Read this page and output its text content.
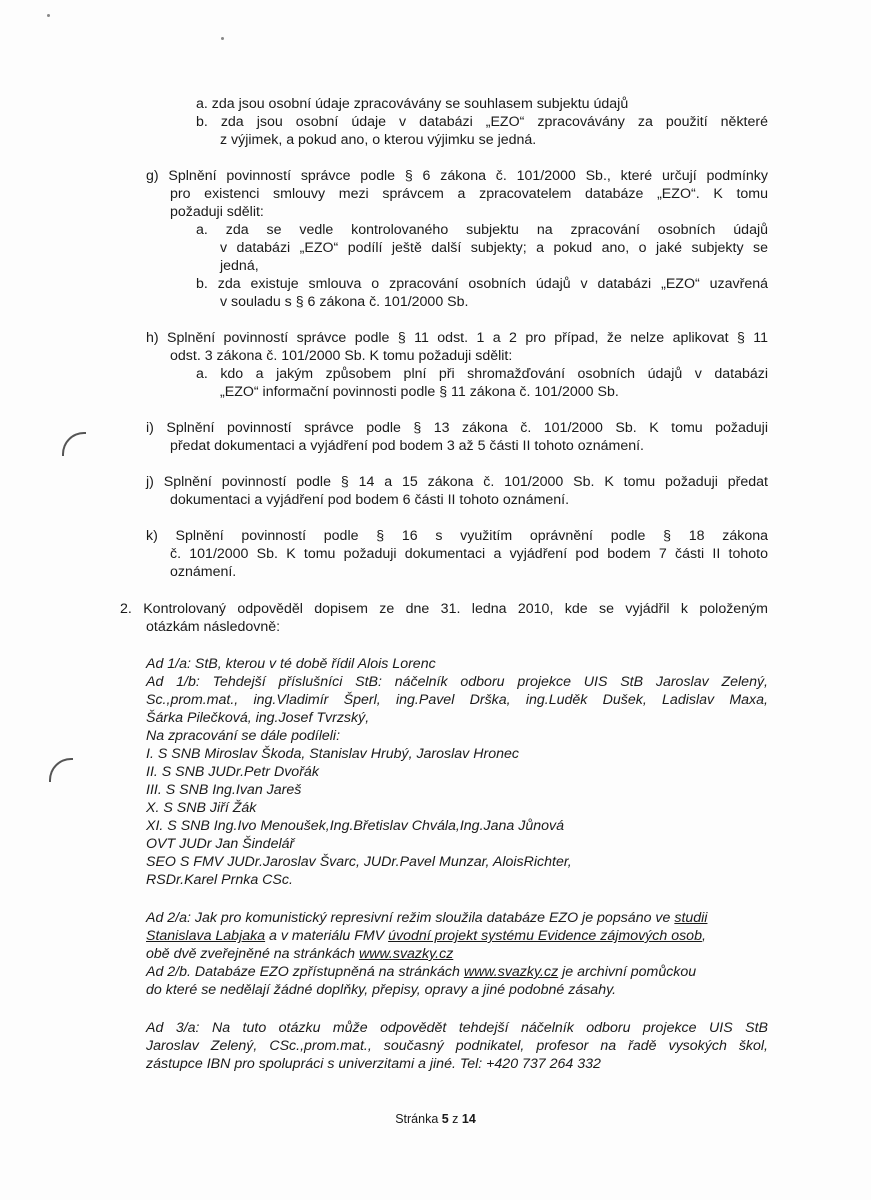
a. zda jsou osobní údaje zpracovávány se souhlasem subjektu údajů
b. zda jsou osobní údaje v databázi „EZO“ zpracovávány za použití některé
z výjimek, a pokud ano, o kterou výjimku se jedná.
g) Splnění povinností správce podle § 6 zákona č. 101/2000 Sb., které určují podmínky
pro existenci smlouvy mezi správcem a zpracovatelem databáze „EZO“. K tomu
požaduji sdělit:
a. zda se vedle kontrolovaného subjektu na zpracování osobních údajů
v databázi „EZO“ podílí ještě další subjekty; a pokud ano, o jaké subjekty se
jedná,
b. zda existuje smlouva o zpracování osobních údajů v databázi „EZO“ uzavřená
v souladu s § 6 zákona č. 101/2000 Sb.
h) Splnění povinností správce podle § 11 odst. 1 a 2 pro případ, že nelze aplikovat § 11
odst. 3 zákona č. 101/2000 Sb. K tomu požaduji sdělit:
a. kdo a jakým způsobem plní při shromažďování osobních údajů v databázi
„EZO“ informační povinnosti podle § 11 zákona č. 101/2000 Sb.
i) Splnění povinností správce podle § 13 zákona č. 101/2000 Sb. K tomu požaduji
předat dokumentaci a vyjádření pod bodem 3 až 5 části II tohoto oznámení.
j) Splnění povinností podle § 14 a 15 zákona č. 101/2000 Sb. K tomu požaduji předat
dokumentaci a vyjádření pod bodem 6 části II tohoto oznámení.
k) Splnění povinností podle § 16 s využitím oprávnění podle § 18 zákona
č. 101/2000 Sb. K tomu požaduji dokumentaci a vyjádření pod bodem 7 části II tohoto
oznámení.
2. Kontrolovaný odpověděl dopisem ze dne 31. ledna 2010, kde se vyjádřil k položeným
otázkám následovně:
Ad 1/a: StB, kterou v té době řídil Alois Lorenc
Ad 1/b: Tehdejší příslušníci StB: náčelník odboru projekce UIS StB Jaroslav Zelený,
Sc.,prom.mat., ing.Vladimír Šperl, ing.Pavel Drška, ing.Luděk Dušek, Ladislav Maxa,
Šárka Pilečková, ing.Josef Tvrzský,
Na zpracování se dále podíleli:
I. S SNB Miroslav Škoda, Stanislav Hrubý, Jaroslav Hronec
II. S SNB JUDr.Petr Dvořák
III. S SNB Ing.Ivan Jareš
X. S SNB Jiří Žák
XI. S SNB Ing.Ivo Menoušek,Ing.Břetislav Chvála,Ing.Jana Jůnová
OVT JUDr Jan Šindelář
SEO S FMV JUDr.Jaroslav Švarc, JUDr.Pavel Munzar, AloisRichter,
RSDr.Karel Prnka CSc.
Ad 2/a: Jak pro komunistický represivní režim sloužila databáze EZO je popsáno ve studii
Stanislava Labjaka a v materiálu FMV úvodní projekt systému Evidence zájmových osob,
obě dvě zveřejněné na stránkách www.svazky.cz
Ad 2/b. Databáze EZO zpřístupněná na stránkách www.svazky.cz je archivní pomůckou
do které se nedělají žádné doplňky, přepisy, opravy a jiné podobné zásahy.
Ad 3/a: Na tuto otázku může odpovědět tehdejší náčelník odboru projekce UIS StB
Jaroslav Zelený, CSc.,prom.mat., současný podnikatel, profesor na řadě vysokých škol,
zástupce IBN pro spolupráci s univerzitami a jiné. Tel: +420 737 264 332
Stránka 5 z 14
